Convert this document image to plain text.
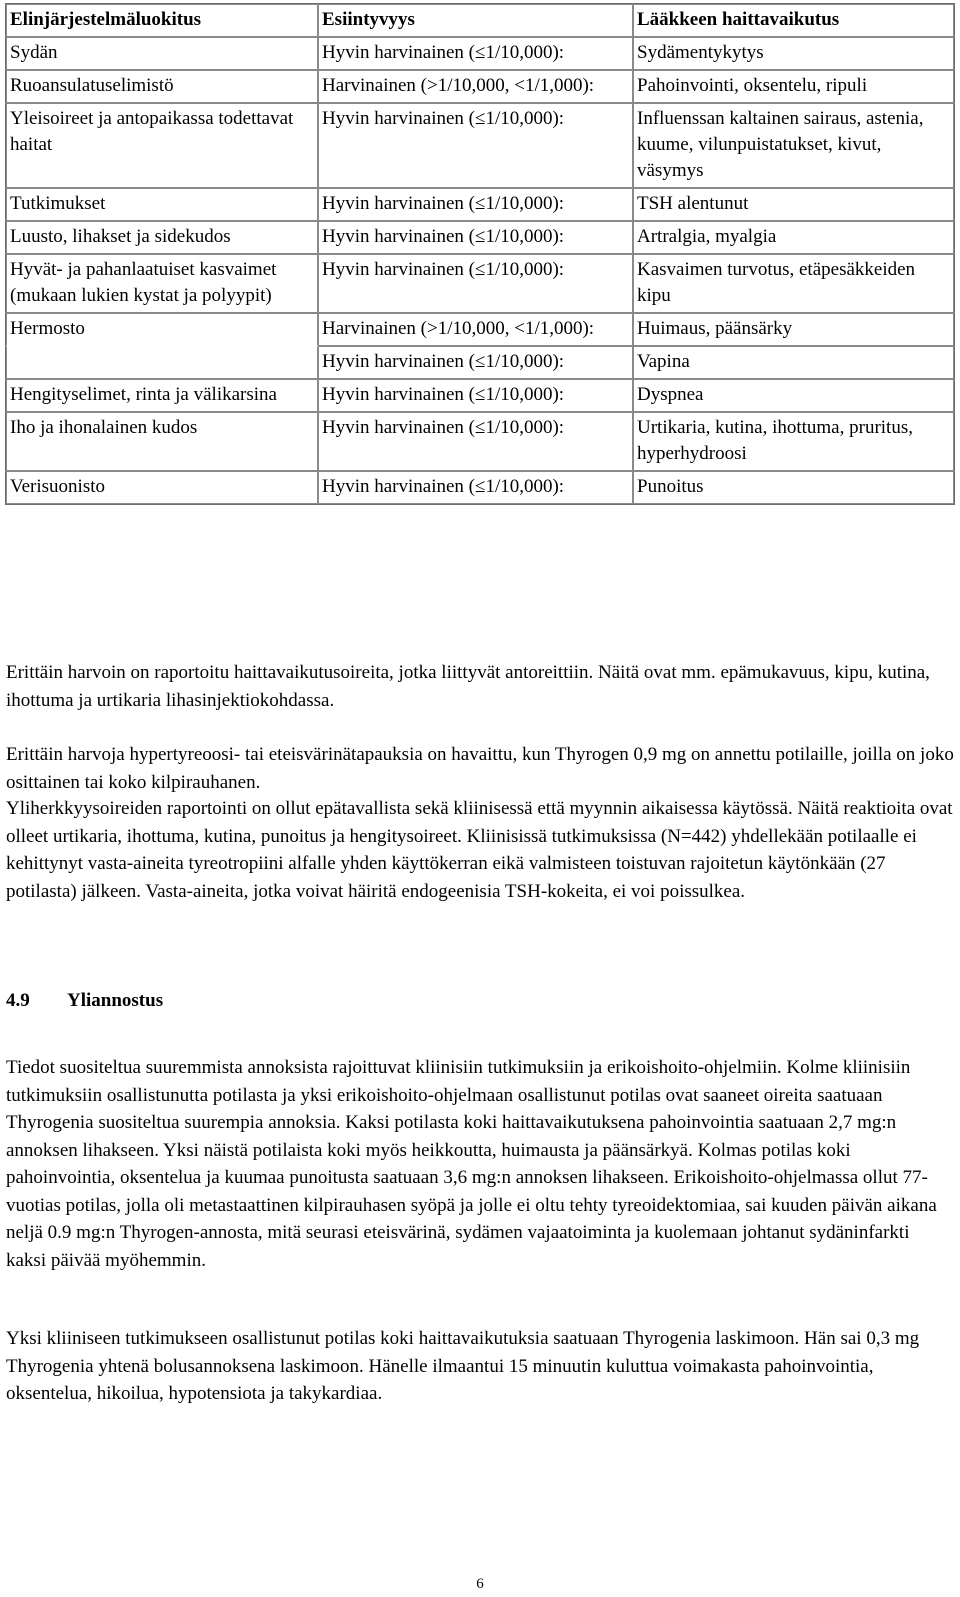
Elinjärjestelmäluokitus	Esiintyvyys	Lääkkeen haittavaikutus
Sydän	Hyvin harvinainen (≤1/10,000):	Sydämentykytys
Ruoansulatuselimistö	Harvinainen (>1/10,000, <1/1,000):	Pahoinvointi, oksentelu, ripuli
Yleisoireet ja antopaikassa todettavat haitat	Hyvin harvinainen (≤1/10,000):	Influenssan kaltainen sairaus, astenia, kuume, vilunpuistatukset, kivut, väsymys
Tutkimukset	Hyvin harvinainen (≤1/10,000):	TSH alentunut
Luusto, lihakset ja sidekudos	Hyvin harvinainen (≤1/10,000):	Artralgia, myalgia
Hyvät- ja pahanlaatuiset kasvaimet (mukaan lukien kystat ja polyypit)	Hyvin harvinainen (≤1/10,000):	Kasvaimen turvotus, etäpesäkkeiden kipu
Hermosto	Harvinainen (>1/10,000, <1/1,000):	Huimaus, päänsärky
	Hyvin harvinainen (≤1/10,000):	Vapina
Hengityselimet, rinta ja välikarsina	Hyvin harvinainen (≤1/10,000):	Dyspnea
Iho ja ihonalainen kudos	Hyvin harvinainen (≤1/10,000):	Urtikaria, kutina, ihottuma, pruritus, hyperhydroosi
Verisuonisto	Hyvin harvinainen (≤1/10,000):	Punoitus

Erittäin harvoin on raportoitu haittavaikutusoireita, jotka liittyvät antoreittiin. Näitä ovat mm. epämukavuus, kipu, kutina, ihottuma ja urtikaria lihasinjektiokohdassa.

Erittäin harvoja hypertyreoosi- tai eteisvärinätapauksia on havaittu, kun Thyrogen 0,9 mg on annettu potilaille, joilla on joko osittainen tai koko kilpirauhanen.

Yliherkkyysoireiden raportointi on ollut epätavallista sekä kliinisessä että myynnin aikaisessa käytössä. Näitä reaktioita ovat olleet urtikaria, ihottuma, kutina, punoitus ja hengitysoireet. Kliinisissä tutkimuksissa (N=442) yhdellekään potilaalle ei kehittynyt vasta-aineita tyreotropiini alfalle yhden käyttökerran eikä valmisteen toistuvan rajoitetun käytönkään (27 potilasta) jälkeen. Vasta-aineita, jotka voivat häiritä endogeenisia TSH-kokeita, ei voi poissulkea.

4.9 Yliannostus

Tiedot suositeltua suuremmista annoksista rajoittuvat kliinisiin tutkimuksiin ja erikoishoito-ohjelmiin. Kolme kliinisiin tutkimuksiin osallistunutta potilasta ja yksi erikoishoito-ohjelmaan osallistunut potilas ovat saaneet oireita saatuaan Thyrogenia suositeltua suurempia annoksia. Kaksi potilasta koki haittavaikutuksena pahoinvointia saatuaan 2,7 mg:n annoksen lihakseen. Yksi näistä potilaista koki myös heikkoutta, huimausta ja päänsärkyä. Kolmas potilas koki pahoinvointia, oksentelua ja kuumaa punoitusta saatuaan 3,6 mg:n annoksen lihakseen. Erikoishoito-ohjelmassa ollut 77-vuotias potilas, jolla oli metastaattinen kilpirauhasen syöpä ja jolle ei oltu tehty tyreoidektomiaa, sai kuuden päivän aikana neljä 0.9 mg:n Thyrogen-annosta, mitä seurasi eteisvärinä, sydämen vajaatoiminta ja kuolemaan johtanut sydäninfarkti kaksi päivää myöhemmin.

Yksi kliiniseen tutkimukseen osallistunut potilas koki haittavaikutuksia saatuaan Thyrogenia laskimoon. Hän sai 0,3 mg Thyrogenia yhtenä bolusannoksena laskimoon. Hänelle ilmaantui 15 minuutin kuluttua voimakasta pahoinvointia, oksentelua, hikoilua, hypotensiota ja takykardiaa.

6
